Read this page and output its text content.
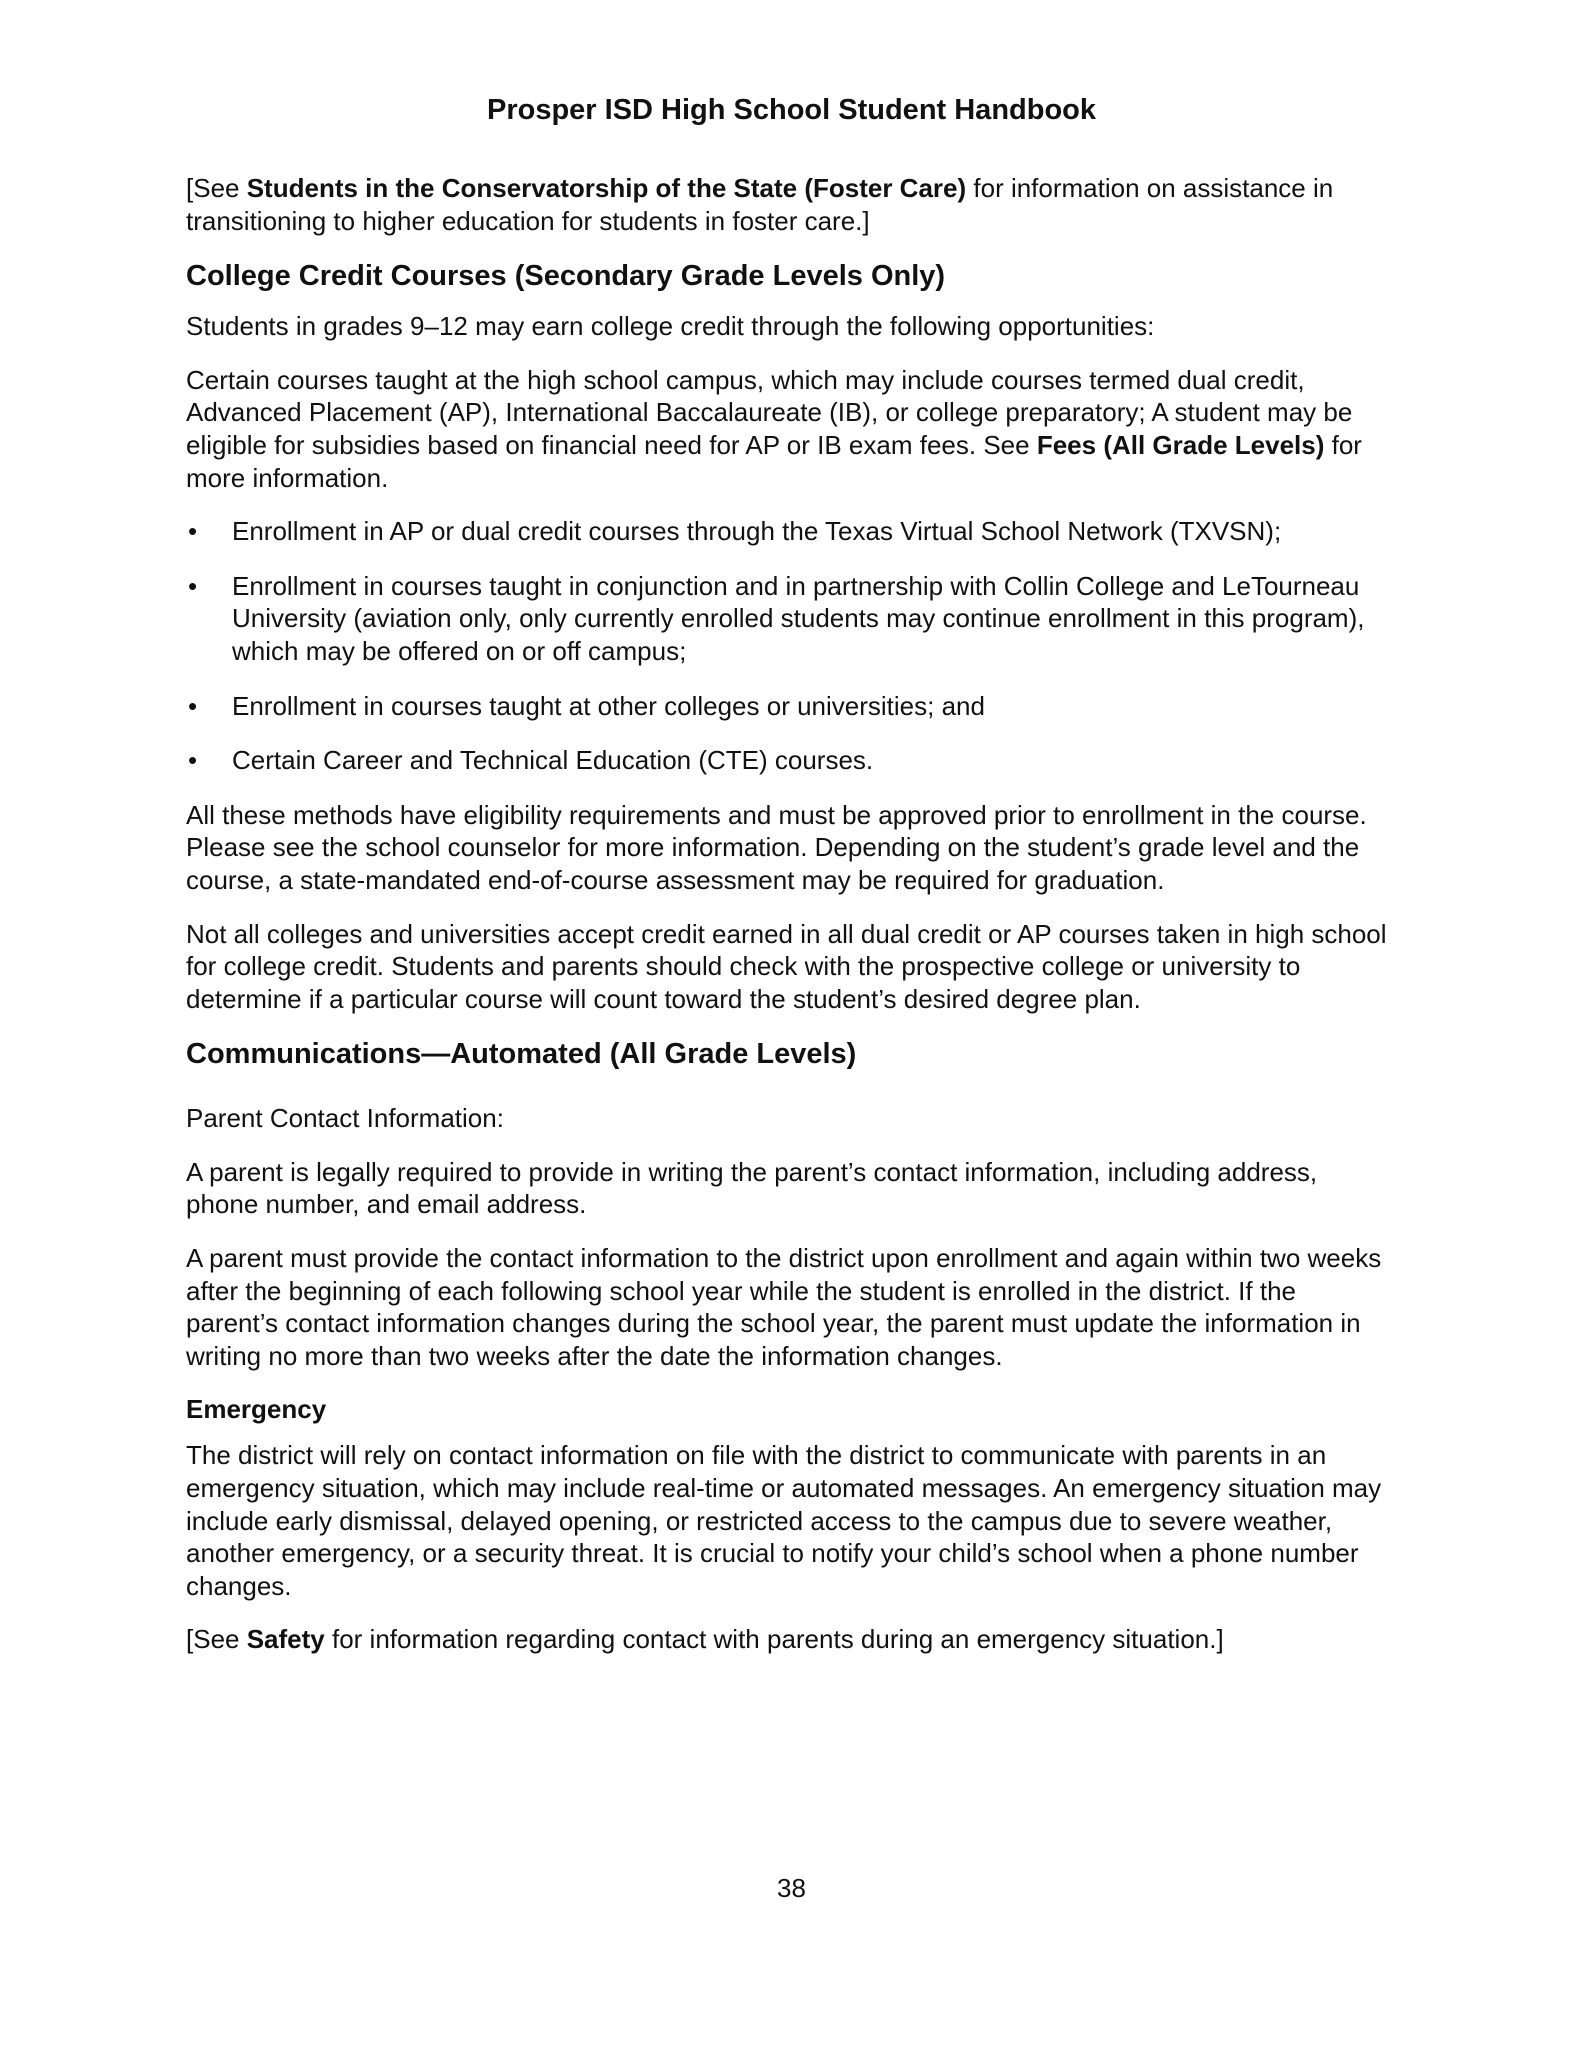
Prosper ISD High School Student Handbook

[See Students in the Conservatorship of the State (Foster Care) for information on assistance in transitioning to higher education for students in foster care.]

College Credit Courses (Secondary Grade Levels Only)

Students in grades 9–12 may earn college credit through the following opportunities:

Certain courses taught at the high school campus, which may include courses termed dual credit, Advanced Placement (AP), International Baccalaureate (IB), or college preparatory; A student may be eligible for subsidies based on financial need for AP or IB exam fees. See Fees (All Grade Levels) for more information.

• Enrollment in AP or dual credit courses through the Texas Virtual School Network (TXVSN);
• Enrollment in courses taught in conjunction and in partnership with Collin College and LeTourneau University (aviation only, only currently enrolled students may continue enrollment in this program), which may be offered on or off campus;
• Enrollment in courses taught at other colleges or universities; and
• Certain Career and Technical Education (CTE) courses.

All these methods have eligibility requirements and must be approved prior to enrollment in the course. Please see the school counselor for more information. Depending on the student’s grade level and the course, a state-mandated end-of-course assessment may be required for graduation.

Not all colleges and universities accept credit earned in all dual credit or AP courses taken in high school for college credit. Students and parents should check with the prospective college or university to determine if a particular course will count toward the student’s desired degree plan.

Communications—Automated (All Grade Levels)

Parent Contact Information:

A parent is legally required to provide in writing the parent’s contact information, including address, phone number, and email address.

A parent must provide the contact information to the district upon enrollment and again within two weeks after the beginning of each following school year while the student is enrolled in the district. If the parent’s contact information changes during the school year, the parent must update the information in writing no more than two weeks after the date the information changes.

Emergency

The district will rely on contact information on file with the district to communicate with parents in an emergency situation, which may include real-time or automated messages. An emergency situation may include early dismissal, delayed opening, or restricted access to the campus due to severe weather, another emergency, or a security threat. It is crucial to notify your child’s school when a phone number changes.

[See Safety for information regarding contact with parents during an emergency situation.]

38
